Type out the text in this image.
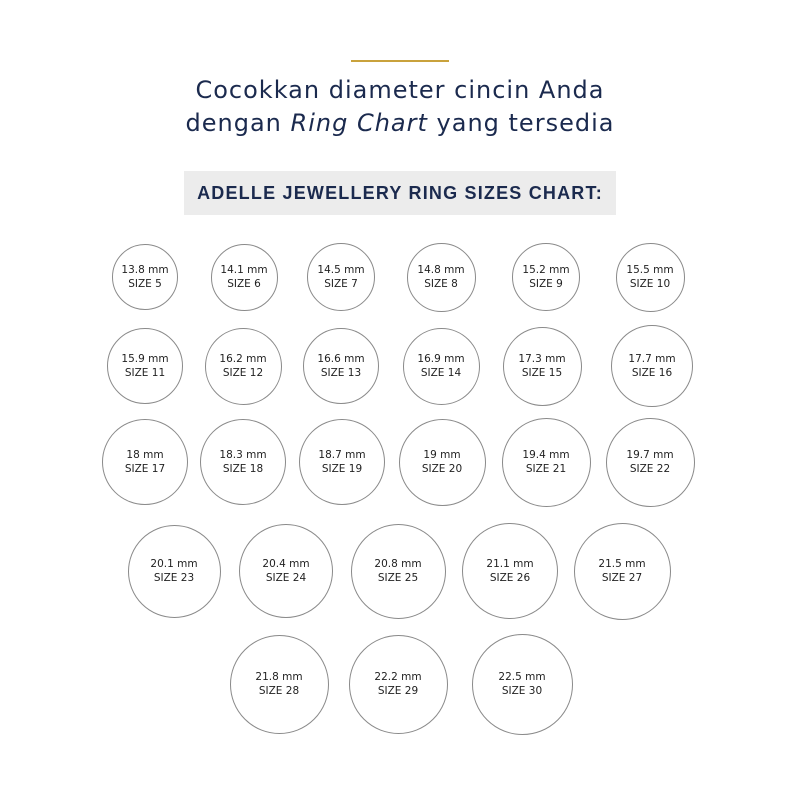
Cocokkan diameter cincin Anda
dengan Ring Chart yang tersedia
ADELLE JEWELLERY RING SIZES CHART:
13.8 mm
SIZE 5
14.1 mm
SIZE 6
14.5 mm
SIZE 7
14.8 mm
SIZE 8
15.2 mm
SIZE 9
15.5 mm
SIZE 10
15.9 mm
SIZE 11
16.2 mm
SIZE 12
16.6 mm
SIZE 13
16.9 mm
SIZE 14
17.3 mm
SIZE 15
17.7 mm
SIZE 16
18 mm
SIZE 17
18.3 mm
SIZE 18
18.7 mm
SIZE 19
19 mm
SIZE 20
19.4 mm
SIZE 21
19.7 mm
SIZE 22
20.1 mm
SIZE 23
20.4 mm
SIZE 24
20.8 mm
SIZE 25
21.1 mm
SIZE 26
21.5 mm
SIZE 27
21.8 mm
SIZE 28
22.2 mm
SIZE 29
22.5 mm
SIZE 30
